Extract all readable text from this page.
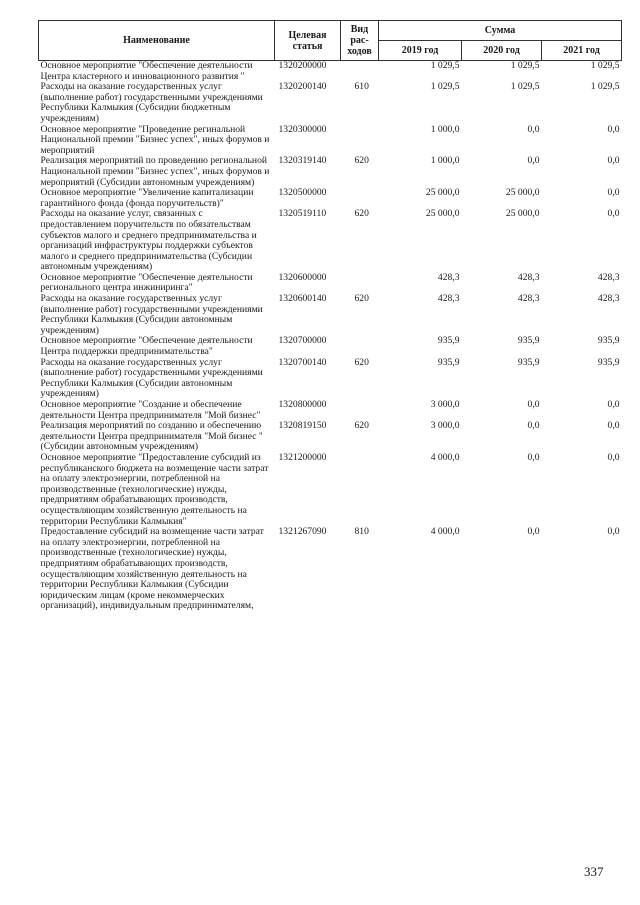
Наименование	Целевая статья	Вид рас-ходов	Сумма		
			2019 год	2020 год	2021 год
Основное мероприятие "Обеспечение деятельности Центра кластерного и инновационного развития "	1320200000		1 029,5	1 029,5	1 029,5
Расходы на оказание государственных услуг (выполнение работ) государственными учреждениями Республики Калмыкия (Субсидии бюджетным учреждениям)	1320200140	610	1 029,5	1 029,5	1 029,5
Основное мероприятие "Проведение регинальной Национальной премии "Бизнес успех", иных форумов и мероприятий	1320300000		1 000,0	0,0	0,0
Реализация мероприятий по проведению региональной Национальной премии "Бизнес успех", иных форумов и мероприятий (Субсидии автономным учреждениям)	1320319140	620	1 000,0	0,0	0,0
Основное мероприятие "Увеличение капитализации гарантийного фонда (фонда поручительств)"	1320500000		25 000,0	25 000,0	0,0
Расходы на оказание услуг, связанных с предоставлением поручительств по обязательствам субъектов малого и среднего предпринимательства и организаций инфраструктуры поддержки субъектов малого и среднего предпринимательства (Субсидии автономным учреждениям)	1320519110	620	25 000,0	25 000,0	0,0
Основное мероприятие "Обеспечение деятельности регионального центра инжиниринга"	1320600000		428,3	428,3	428,3
Расходы на оказание государственных услуг (выполнение работ) государственными учреждениями Республики Калмыкия (Субсидии автономным учреждениям)	1320600140	620	428,3	428,3	428,3
Основное мероприятие "Обеспечение деятельности Центра поддержки предпринимательства"	1320700000		935,9	935,9	935,9
Расходы на оказание государственных услуг (выполнение работ) государственными учреждениями Республики Калмыкия (Субсидии автономным учреждениям)	1320700140	620	935,9	935,9	935,9
Основное мероприятие "Создание и обеспечение деятельности Центра предпринимателя "Мой бизнес"	1320800000		3 000,0	0,0	0,0
Реализация мероприятий по созданию и обеспечению деятельности Центра предпринимателя "Мой бизнес "(Субсидии автономным учреждениям)	1320819150	620	3 000,0	0,0	0,0
Основное мероприятие "Предоставление субсидий из республиканского бюджета на возмещение части затрат на оплату электроэнергии, потребленной на производственные (технологические) нужды, предприятиям обрабатывающих производств, осуществляющим хозяйственную деятельность на территории Республики Калмыкия"	1321200000		4 000,0	0,0	0,0
Предоставление субсидий на возмещение части затрат на оплату электроэнергии, потребленной на производственные (технологические) нужды, предприятиям обрабатывающих производств, осуществляющим хозяйственную деятельность на территории Республики Калмыкия (Субсидии юридическим лицам (кроме некоммерческих организаций), индивидуальным предпринимателям,	1321267090	810	4 000,0	0,0	0,0
337
